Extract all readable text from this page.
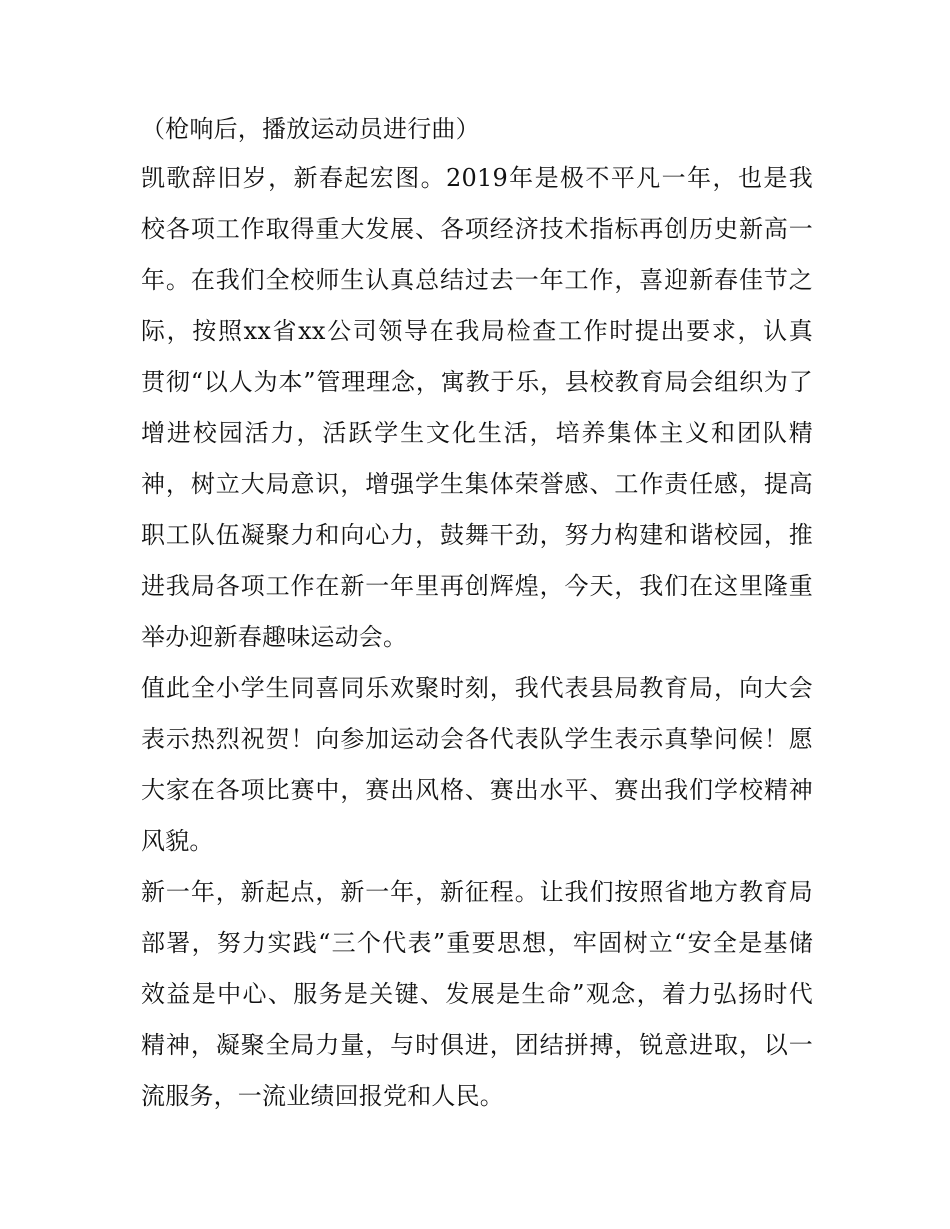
（枪响后，播放运动员进行曲）
凯歌辞旧岁，新春起宏图。2019年是极不平凡一年，也是我
校各项工作取得重大发展、各项经济技术指标再创历史新高一
年。在我们全校师生认真总结过去一年工作，喜迎新春佳节之
际，按照xx省xx公司领导在我局检查工作时提出要求，认真
贯彻“以人为本”管理理念，寓教于乐，县校教育局会组织为了
增进校园活力，活跃学生文化生活，培养集体主义和团队精
神，树立大局意识，增强学生集体荣誉感、工作责任感，提高
职工队伍凝聚力和向心力，鼓舞干劲，努力构建和谐校园，推
进我局各项工作在新一年里再创辉煌，今天，我们在这里隆重
举办迎新春趣味运动会。
值此全小学生同喜同乐欢聚时刻，我代表县局教育局，向大会
表示热烈祝贺！向参加运动会各代表队学生表示真挚问候！愿
大家在各项比赛中，赛出风格、赛出水平、赛出我们学校精神
风貌。
新一年，新起点，新一年，新征程。让我们按照省地方教育局
部署，努力实践“三个代表”重要思想，牢固树立“安全是基储
效益是中心、服务是关键、发展是生命”观念，着力弘扬时代
精神，凝聚全局力量，与时俱进，团结拼搏，锐意进取，以一
流服务，一流业绩回报党和人民。
